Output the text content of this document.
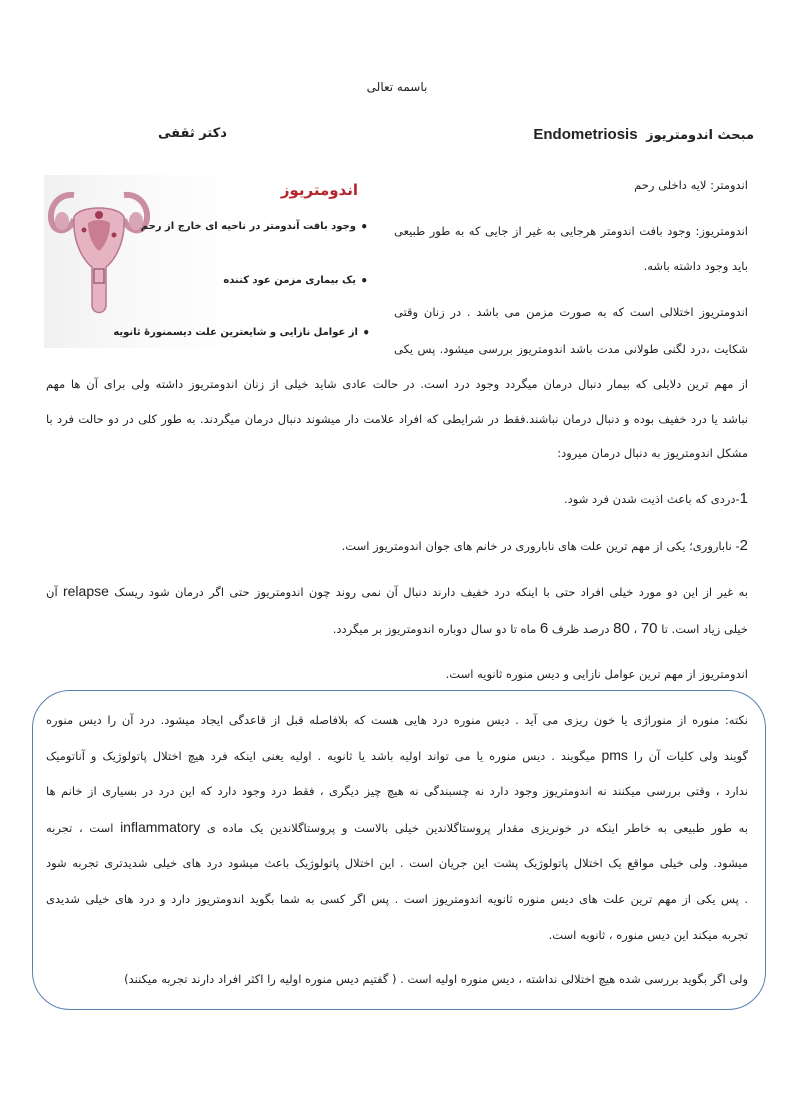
باسمه تعالی
مبحث اندومتریوز Endometriosis
دکتر ثقفی
اندومتریوز
• وجود بافت آندومتر در ناحیه ای خارج از رحم
• یک بیماری مزمن عود کننده
• از عوامل نازایی و شایعترین علت دیسمنورۀ ثانویه
اندومتر: لایه داخلی رحم
اندومتریوز: وجود بافت اندومتر هرجایی به غیر از جایی که به طور طبیعی
باید وجود داشته باشه.
اندومتریوز اختلالی است که به صورت مزمن می باشد . در زنان وقتی
شکایت ،درد لگنی طولانی مدت باشد اندومتریوز بررسی میشود. پس یکی
از مهم ترین دلایلی که بیمار دنبال درمان میگردد وجود درد است. در حالت عادی شاید خیلی از زنان اندومتریوز داشته ولی برای آن ها مهم
نباشد یا درد خفیف بوده و دنبال درمان نباشند.فقط در شرایطی که افراد علامت دار میشوند دنبال درمان میگردند. به طور کلی در دو حالت فرد با
مشکل اندومتریوز به دنبال درمان میرود:
1-دردی که باعث اذیت شدن فرد شود.
2- ناباروری؛ یکی از مهم ترین علت های ناباروری در خانم های جوان اندومتریوز است.
به غیر از این دو مورد خیلی افراد حتی با اینکه درد خفیف دارند دنبال آن نمی روند چون اندومتریوز حتی اگر درمان شود ریسک relapse آن
خیلی زیاد است. تا 70 ، 80 درصد ظرف 6 ماه تا دو سال دوباره اندومتریوز بر میگردد.
اندومتریوز از مهم ترین عوامل نازایی و دیس منوره ثانویه است.
نکته: منوره از منوراژی یا خون ریزی می آید . دیس منوره درد هایی هست که بلافاصله قبل از قاعدگی ایجاد میشود. درد آن را دیس منوره
گویند ولی کلیات آن را pms میگویند . دیس منوره یا می تواند اولیه باشد یا ثانویه . اولیه یعنی اینکه فرد هیچ اختلال پاتولوژیک و آناتومیک
ندارد ، وقتی بررسی میکنند نه اندومتریوز وجود دارد نه چسبندگی نه هیچ چیز دیگری ، فقط درد وجود دارد که این درد در بسیاری از خانم ها
به طور طبیعی به خاطر اینکه در خونریزی مقدار پروستاگلاندین خیلی بالاست و پروستاگلاندین یک ماده ی inflammatory است ، تجربه
میشود. ولی خیلی مواقع یک اختلال پاتولوژیک پشت این جریان است . این اختلال پاتولوژیک باعث میشود درد های خیلی شدیدتری تجربه شود
. پس یکی از مهم ترین علت های دیس منوره ثانویه اندومتریوز است . پس اگر کسی به شما بگوید اندومتریوز دارد و درد های خیلی شدیدی
تجربه میکند این دیس منوره ، ثانویه است.
ولی اگر بگوید بررسی شده هیچ اختلالی نداشته ، دیس منوره اولیه است . ( گفتیم دیس منوره اولیه را اکثر افراد دارند تجربه میکنند)
